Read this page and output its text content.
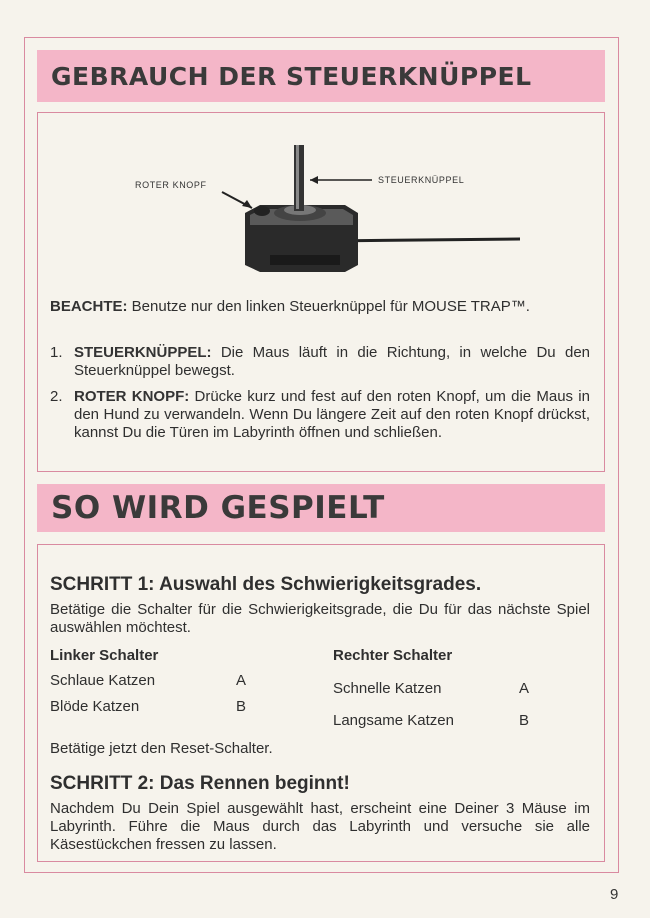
GEBRAUCH DER STEUERKNÜPPEL
ROTER KNOPF	STEUERKNÜPPEL
BEACHTE: Benutze nur den linken Steuerknüppel für MOUSE TRAP™.
1. STEUERKNÜPPEL: Die Maus läuft in die Richtung, in welche Du den Steuerknüppel bewegst.
2. ROTER KNOPF: Drücke kurz und fest auf den roten Knopf, um die Maus in den Hund zu verwandeln. Wenn Du längere Zeit auf den roten Knopf drückst, kannst Du die Türen im Labyrinth öffnen und schließen.
SO WIRD GESPIELT
SCHRITT 1: Auswahl des Schwierigkeitsgrades.
Betätige die Schalter für die Schwierigkeitsgrade, die Du für das nächste Spiel auswählen möchtest.
Linker Schalter
Schlaue Katzen	A
Blöde Katzen	B
Rechter Schalter
Schnelle Katzen	A
Langsame Katzen	B
Betätige jetzt den Reset-Schalter.
SCHRITT 2: Das Rennen beginnt!
Nachdem Du Dein Spiel ausgewählt hast, erscheint eine Deiner 3 Mäuse im Labyrinth. Führe die Maus durch das Labyrinth und versuche sie alle Käsestückchen fressen zu lassen.
9
